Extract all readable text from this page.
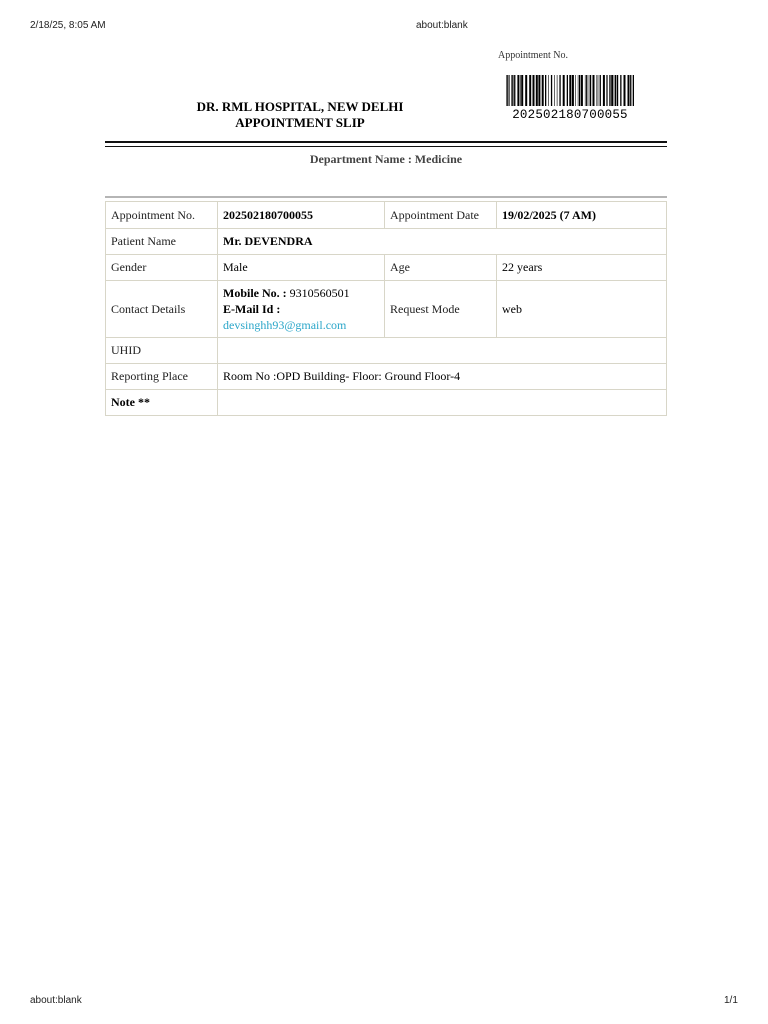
2/18/25, 8:05 AM	about:blank
about:blank	1/1
Appointment No.
202502180700055
DR. RML HOSPITAL, NEW DELHI
APPOINTMENT SLIP
Department Name : Medicine
Appointment No.	202502180700055	Appointment Date	19/02/2025 (7 AM)
Patient Name	Mr. DEVENDRA		
Gender	Male	Age	22 years
Contact Details	Mobile No. : 9310560501
E-Mail Id :
devsinghh93@gmail.com	Request Mode	web
UHID			
Reporting Place	Room No :OPD Building- Floor: Ground Floor-4		
Note **			
